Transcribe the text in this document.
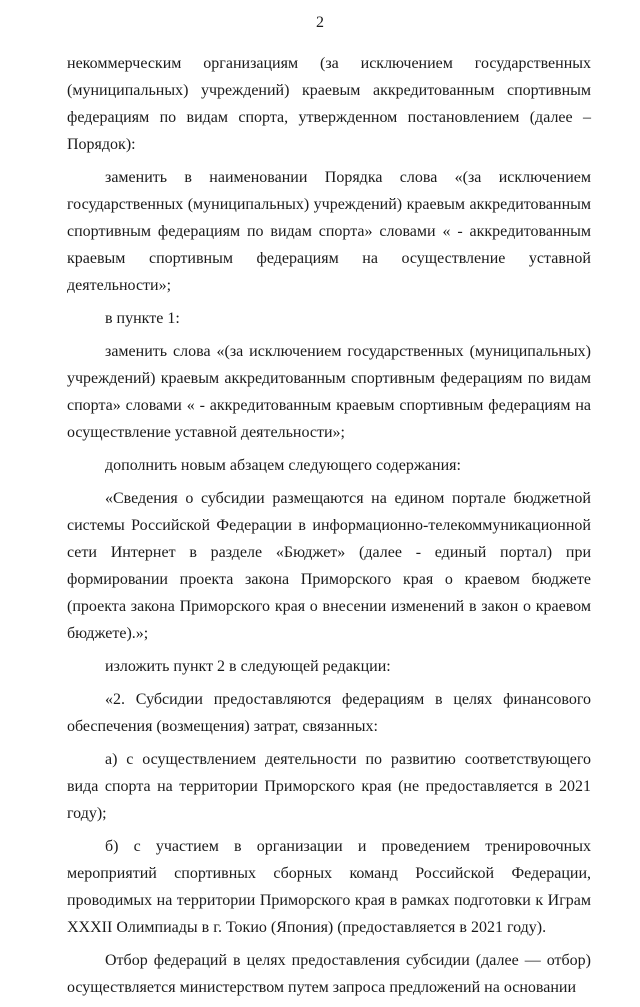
2

некоммерческим организациям (за исключением государственных (муниципальных) учреждений) краевым аккредитованным спортивным федерациям по видам спорта, утвержденном постановлением (далее – Порядок):

заменить в наименовании Порядка слова «(за исключением государственных (муниципальных) учреждений) краевым аккредитованным спортивным федерациям по видам спорта» словами « - аккредитованным краевым спортивным федерациям на осуществление уставной деятельности»;

в пункте 1:

заменить слова «(за исключением государственных (муниципальных) учреждений) краевым аккредитованным спортивным федерациям по видам спорта» словами « - аккредитованным краевым спортивным федерациям на осуществление уставной деятельности»;

дополнить новым абзацем следующего содержания:

«Сведения о субсидии размещаются на едином портале бюджетной системы Российской Федерации в информационно-телекоммуникационной сети Интернет в разделе «Бюджет» (далее - единый портал) при формировании проекта закона Приморского края о краевом бюджете (проекта закона Приморского края о внесении изменений в закон о краевом бюджете).»;

изложить пункт 2 в следующей редакции:

«2. Субсидии предоставляются федерациям в целях финансового обеспечения (возмещения) затрат, связанных:

а) с осуществлением деятельности по развитию соответствующего вида спорта на территории Приморского края (не предоставляется в 2021 году);

б) с участием в организации и проведением тренировочных мероприятий спортивных сборных команд Российской Федерации, проводимых на территории Приморского края в рамках подготовки к Играм XXXII Олимпиады в г. Токио (Япония) (предоставляется в 2021 году).

Отбор федераций в целях предоставления субсидии (далее — отбор) осуществляется министерством путем запроса предложений на основании
